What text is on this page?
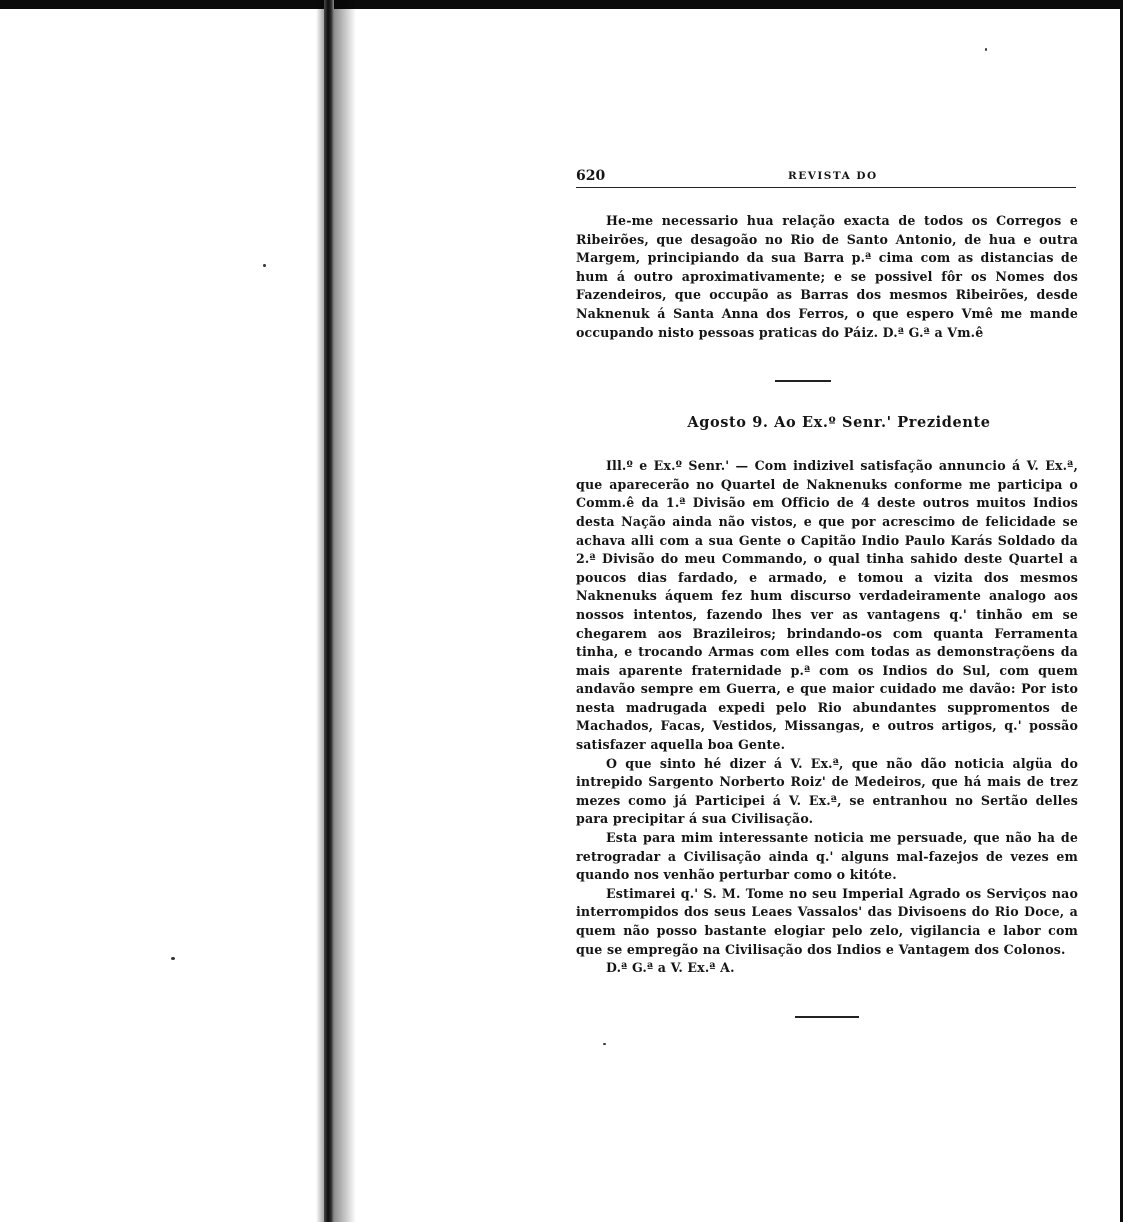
620	REVISTA DO

He-me necessario hua relação exacta de todos os Corregos e Ribeirões, que desagoão no Rio de Santo Antonio, de hua e outra Margem, principiando da sua Barra p.ª cima com as distancias de hum á outro aproximativamente; e se possivel fôr os Nomes dos Fazendeiros, que occupão as Barras dos mesmos Ribeirões, desde Naknenuk á Santa Anna dos Ferros, o que espero Vmê me mande occupando nisto pessoas praticas do Páiz. D.ª G.ª a Vm.ê

Agosto 9. Ao Ex.º Senr.' Prezidente

Ill.º e Ex.º Senr.' — Com indizivel satisfação annuncio á V. Ex.ª, que aparecerão no Quartel de Naknenuks conforme me participa o Comm.ê da 1.ª Divisão em Officio de 4 deste outros muitos Indios desta Nação ainda não vistos, e que por acrescimo de felicidade se achava alli com a sua Gente o Capitão Indio Paulo Karás Soldado da 2.ª Divisão do meu Commando, o qual tinha sahido deste Quartel a poucos dias fardado, e armado, e tomou a vizita dos mesmos Naknenuks áquem fez hum discurso verdadeiramente analogo aos nossos intentos, fazendo lhes ver as vantagens q.' tinhão em se chegarem aos Brazileiros; brindando-os com quanta Ferramenta tinha, e trocando Armas com elles com todas as demonstraçõens da mais aparente fraternidade p.ª com os Indios do Sul, com quem andavão sempre em Guerra, e que maior cuidado me davão: Por isto nesta madrugada expedi pelo Rio abundantes suppromentos de Machados, Facas, Vestidos, Missangas, e outros artigos, q.' possão satisfazer aquella boa Gente.

O que sinto hé dizer á V. Ex.ª, que não dão noticia algüa do intrepido Sargento Norberto Roiz' de Medeiros, que há mais de trez mezes como já Participei á V. Ex.ª, se entranhou no Sertão delles para precipitar á sua Civilisação.

Esta para mim interessante noticia me persuade, que não ha de retrogradar a Civilisação ainda q.' alguns mal-fazejos de vezes em quando nos venhão perturbar como o kitóte.

Estimarei q.' S. M. Tome no seu Imperial Agrado os Serviços nao interrompidos dos seus Leaes Vassalos' das Divisoens do Rio Doce, a quem não posso bastante elogiar pelo zelo, vigilancia e labor com que se empregão na Civilisação dos Indios e Vantagem dos Colonos.

D.ª G.ª a V. Ex.ª A.
